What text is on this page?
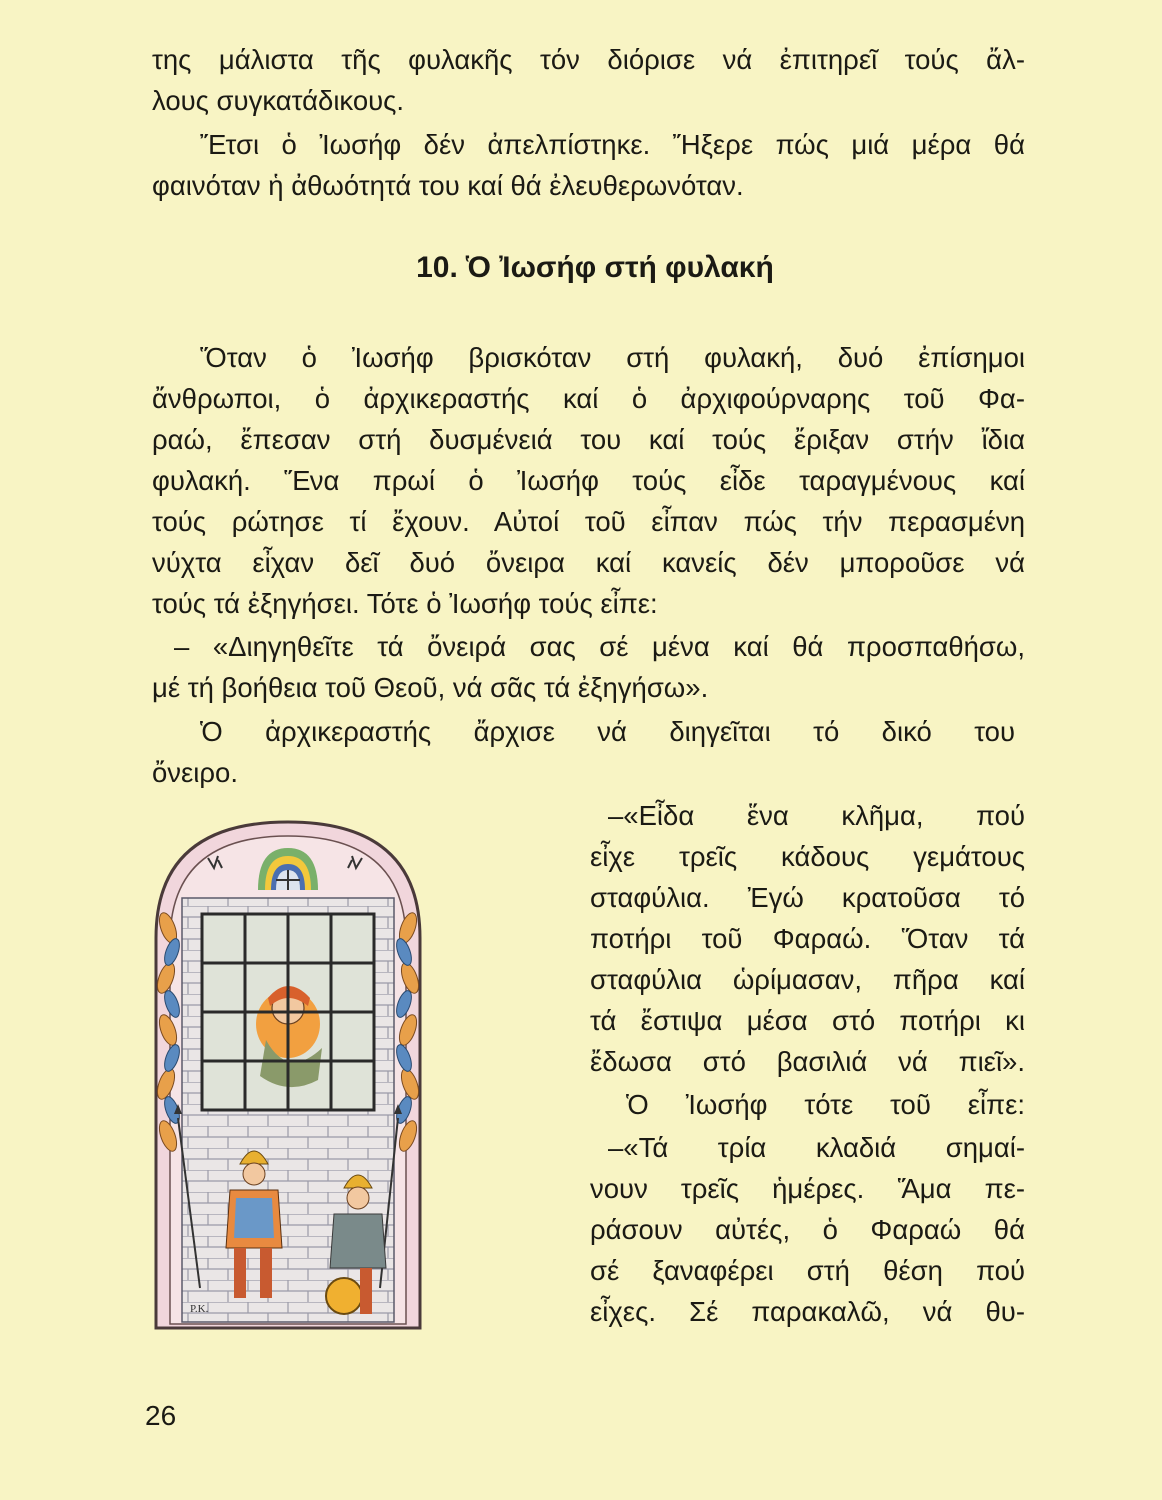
της μάλιστα τῆς φυλακῆς τόν διόρισε νά ἐπιτηρεῖ τούς ἄλ-
λους συγκατάδικους.
Ἔτσι ὁ Ἰωσήφ δέν ἀπελπίστηκε. Ἤξερε πώς μιά μέρα θά
φαινόταν ἡ ἀθωότητά του καί θά ἐλευθερωνόταν.
10. Ὁ Ἰωσήφ στή φυλακή
Ὅταν ὁ Ἰωσήφ βρισκόταν στή φυλακή, δυό ἐπίσημοι
ἄνθρωποι, ὁ ἀρχικεραστής καί ὁ ἀρχιφούρναρης τοῦ Φα-
ραώ, ἔπεσαν στή δυσμένειά του καί τούς ἔριξαν στήν ἴδια
φυλακή. Ἕνα πρωί ὁ Ἰωσήφ τούς εἶδε ταραγμένους καί
τούς ρώτησε τί ἔχουν. Αὐτοί τοῦ εἶπαν πώς τήν περασμένη
νύχτα εἶχαν δεῖ δυό ὄνειρα καί κανείς δέν μποροῦσε νά
τούς τά ἐξηγήσει. Τότε ὁ Ἰωσήφ τούς εἶπε:
– «Διηγηθεῖτε τά ὄνειρά σας σέ μένα καί θά προσπαθήσω,
μέ τή βοήθεια τοῦ Θεοῦ, νά σᾶς τά ἐξηγήσω».
Ὁ ἀρχικεραστής ἄρχισε νά διηγεῖται τό δικό του
ὄνειρο.
–«Εἶδα ἕνα κλῆμα, πού
εἶχε τρεῖς κάδους γεμάτους
σταφύλια. Ἐγώ κρατοῦσα τό
ποτήρι τοῦ Φαραώ. Ὅταν τά
σταφύλια ὡρίμασαν, πῆρα καί
τά ἔστιψα μέσα στό ποτήρι κι
ἔδωσα στό βασιλιά νά πιεῖ».
Ὁ Ἰωσήφ τότε τοῦ εἶπε:
–«Τά τρία κλαδιά σημαί-
νουν τρεῖς ἡμέρες. Ἅμα πε-
ράσουν αὐτές, ὁ Φαραώ θά
σέ ξαναφέρει στή θέση πού
εἶχες. Σέ παρακαλῶ, νά θυ-
Ρ.Κ.
26
